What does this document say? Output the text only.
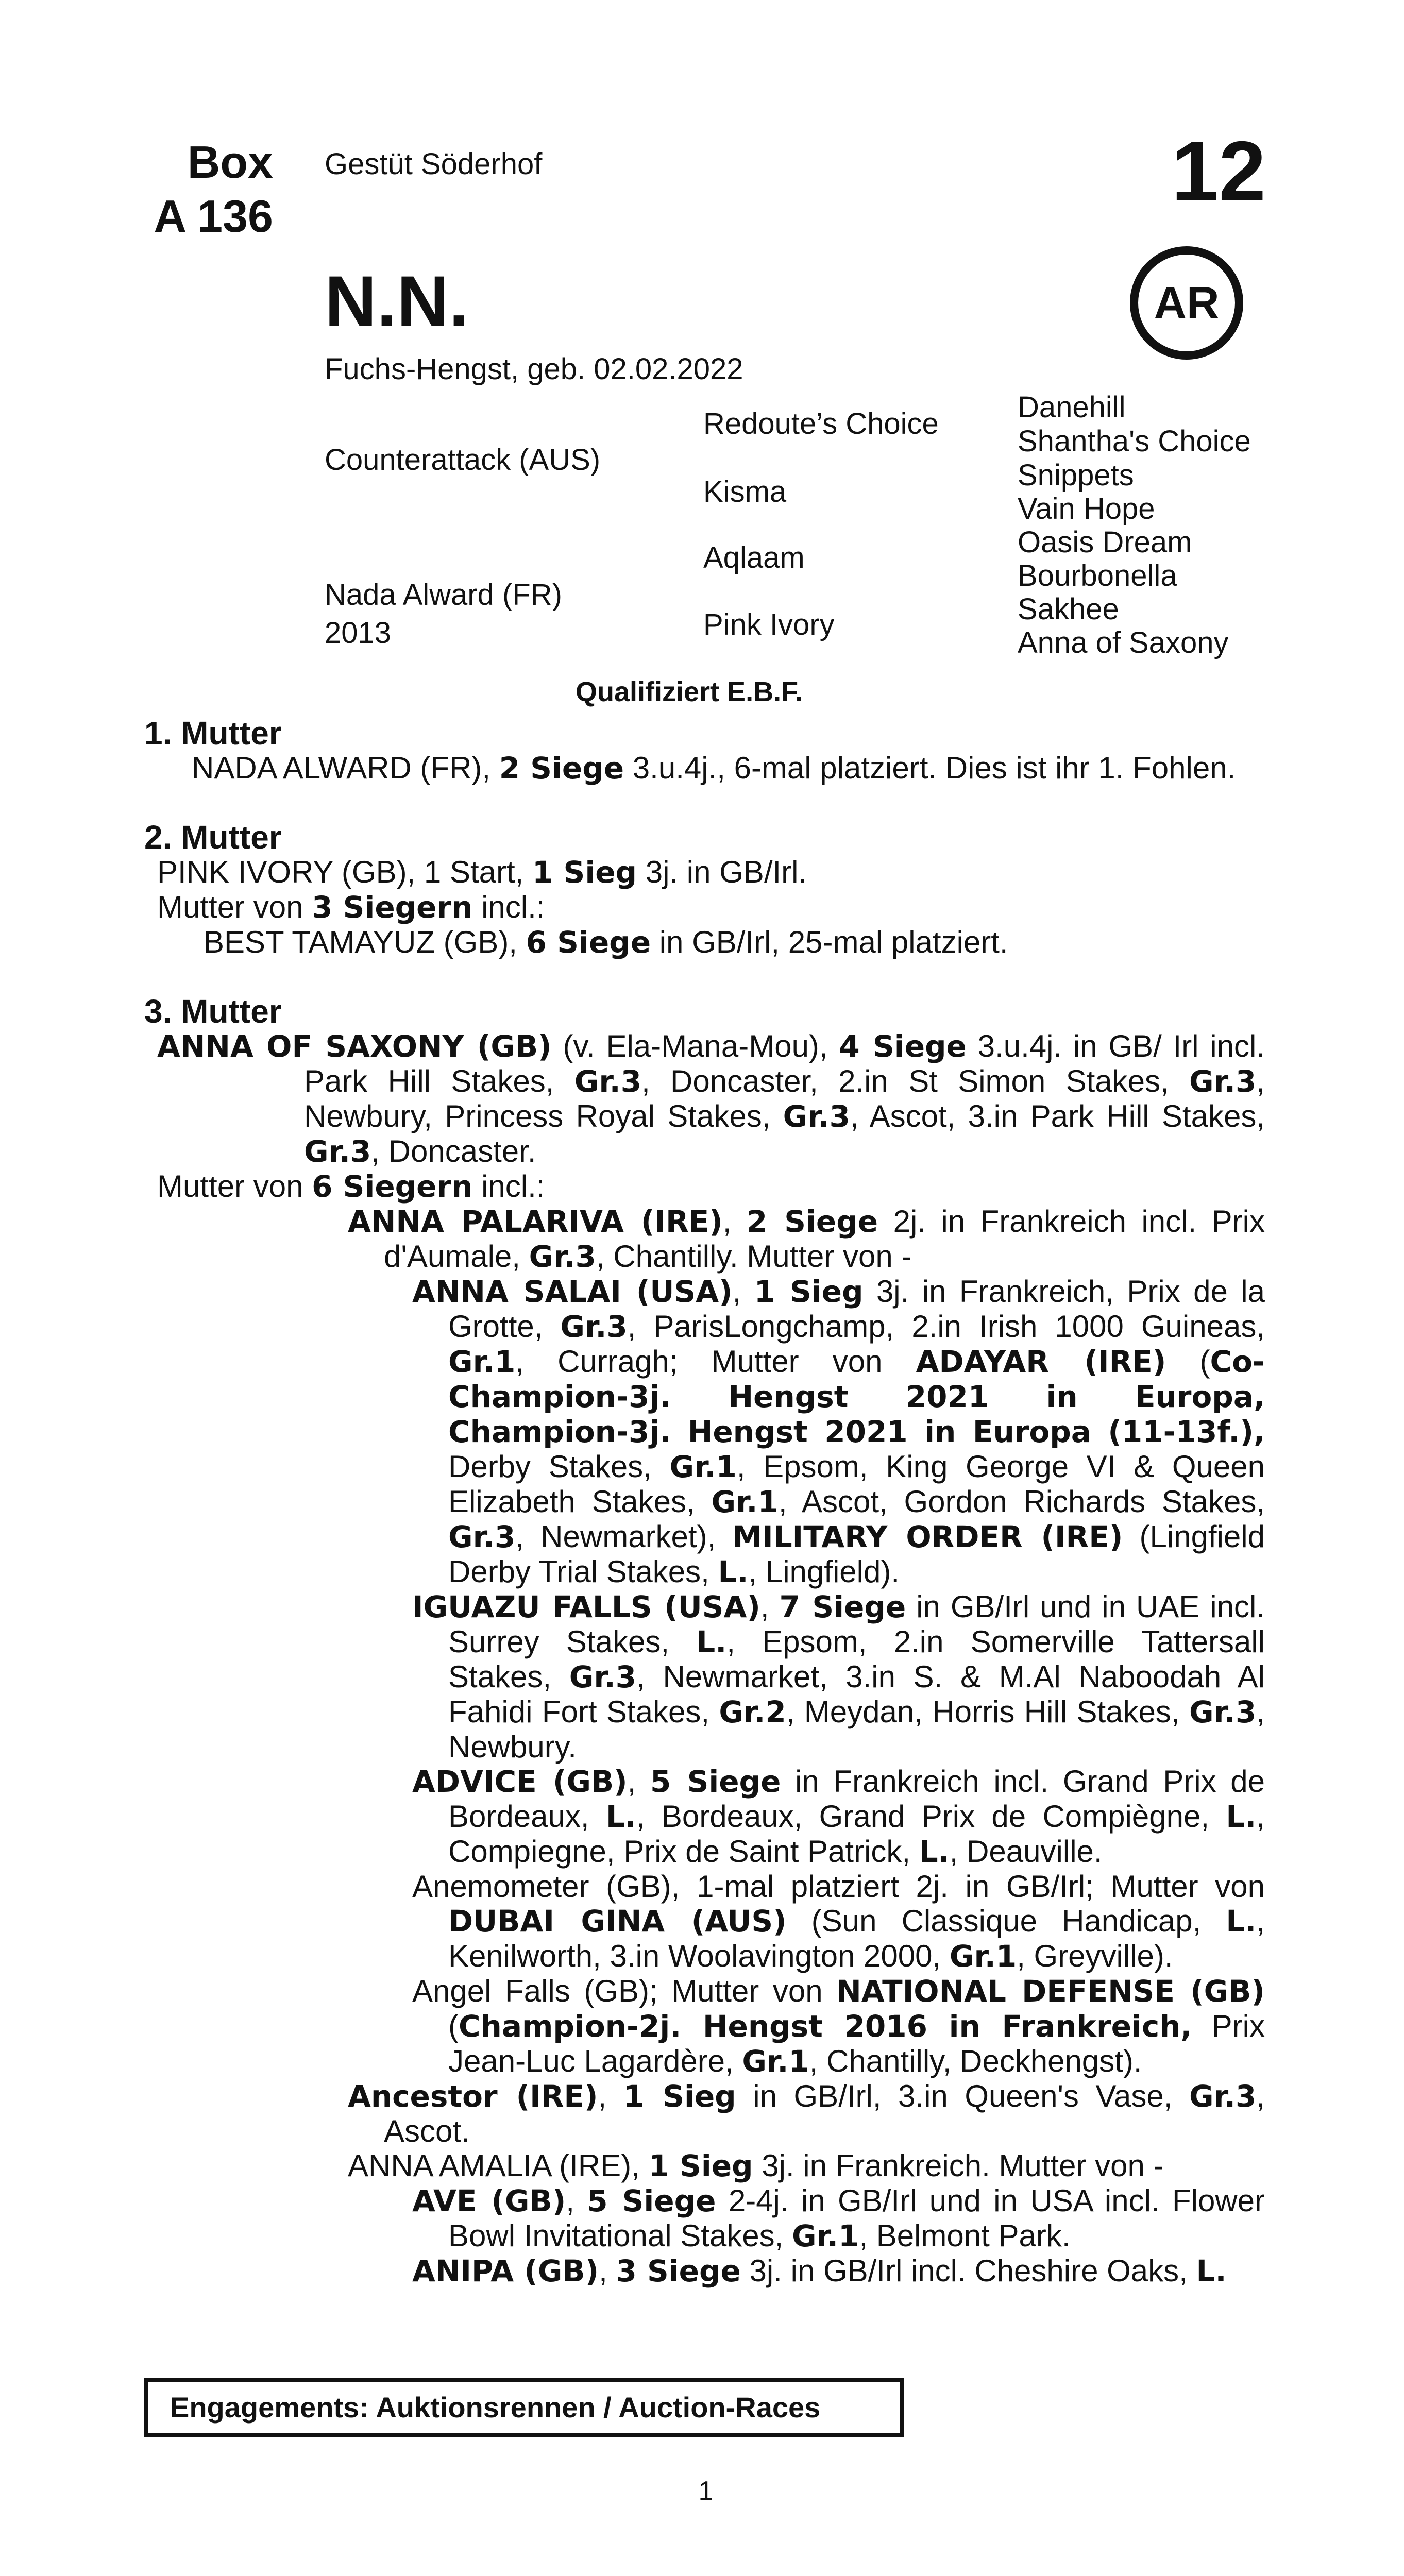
Box
A 136
Gestüt Söderhof	12
AR
N.N.
Fuchs-Hengst, geb. 02.02.2022
Counterattack (AUS)
Nada Alward (FR)
2013
Redoute’s Choice
Kisma
Aqlaam
Pink Ivory
Danehill
Shantha's Choice
Snippets
Vain Hope
Oasis Dream
Bourbonella
Sakhee
Anna of Saxony
Qualifiziert E.B.F.
1. Mutter
NADA ALWARD (FR), 2 Siege 3.u.4j., 6-mal platziert. Dies ist ihr 1. Fohlen.
2. Mutter
PINK IVORY (GB), 1 Start, 1 Sieg 3j. in GB/Irl.
Mutter von 3 Siegern incl.:
BEST TAMAYUZ (GB), 6 Siege in GB/Irl, 25-mal platziert.
3. Mutter
ANNA OF SAXONY (GB) (v. Ela-Mana-Mou), 4 Siege 3.u.4j. in GB/ Irl incl. Park Hill Stakes, Gr.3, Doncaster, 2.in St Simon Stakes, Gr.3, Newbury, Princess Royal Stakes, Gr.3, Ascot, 3.in Park Hill Stakes, Gr.3, Doncaster.
Mutter von 6 Siegern incl.:
ANNA PALARIVA (IRE), 2 Siege 2j. in Frankreich incl. Prix d'Aumale, Gr.3, Chantilly. Mutter von -
ANNA SALAI (USA), 1 Sieg 3j. in Frankreich, Prix de la Grotte, Gr.3, ParisLongchamp, 2.in Irish 1000 Guineas, Gr.1, Curragh; Mutter von ADAYAR (IRE) (Co-Champion-3j. Hengst 2021 in Europa, Champion-3j. Hengst 2021 in Europa (11-13f.), Derby Stakes, Gr.1, Epsom, King George VI & Queen Elizabeth Stakes, Gr.1, Ascot, Gordon Richards Stakes, Gr.3, Newmarket), MILITARY ORDER (IRE) (Lingfield Derby Trial Stakes, L., Lingfield).
IGUAZU FALLS (USA), 7 Siege in GB/Irl und in UAE incl. Surrey Stakes, L., Epsom, 2.in Somerville Tattersall Stakes, Gr.3, Newmarket, 3.in S. & M.Al Naboodah Al Fahidi Fort Stakes, Gr.2, Meydan, Horris Hill Stakes, Gr.3, Newbury.
ADVICE (GB), 5 Siege in Frankreich incl. Grand Prix de Bordeaux, L., Bordeaux, Grand Prix de Compiègne, L., Compiegne, Prix de Saint Patrick, L., Deauville.
Anemometer (GB), 1-mal platziert 2j. in GB/Irl; Mutter von DUBAI GINA (AUS) (Sun Classique Handicap, L., Kenilworth, 3.in Woolavington 2000, Gr.1, Greyville).
Angel Falls (GB); Mutter von NATIONAL DEFENSE (GB) (Champion-2j. Hengst 2016 in Frankreich, Prix Jean-Luc Lagardère, Gr.1, Chantilly, Deckhengst).
Ancestor (IRE), 1 Sieg in GB/Irl, 3.in Queen's Vase, Gr.3, Ascot.
ANNA AMALIA (IRE), 1 Sieg 3j. in Frankreich. Mutter von -
AVE (GB), 5 Siege 2-4j. in GB/Irl und in USA incl. Flower Bowl Invitational Stakes, Gr.1, Belmont Park.
ANIPA (GB), 3 Siege 3j. in GB/Irl incl. Cheshire Oaks, L.
Engagements: Auktionsrennen / Auction-Races
1
